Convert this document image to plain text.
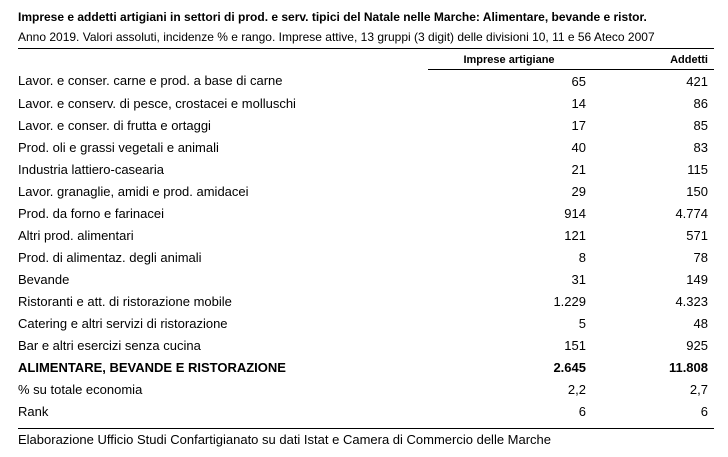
Imprese e addetti artigiani in settori di prod. e serv. tipici del Natale nelle Marche: Alimentare, bevande e ristor.
Anno 2019. Valori assoluti, incidenze % e rango. Imprese attive, 13 gruppi (3 digit) delle divisioni 10, 11 e 56 Ateco 2007
	Imprese artigiane	Addetti
Lavor. e conser. carne e prod. a base di carne	65	421
Lavor. e conserv. di pesce, crostacei e molluschi	14	86
Lavor. e conser. di frutta e ortaggi	17	85
Prod. oli e grassi vegetali e animali	40	83
Industria lattiero-casearia	21	115
Lavor. granaglie, amidi e prod. amidacei	29	150
Prod. da forno e farinacei	914	4.774
Altri prod. alimentari	121	571
Prod. di alimentaz. degli animali	8	78
Bevande	31	149
Ristoranti e att. di ristorazione mobile	1.229	4.323
Catering e altri servizi di ristorazione	5	48
Bar e altri esercizi senza cucina	151	925
ALIMENTARE, BEVANDE E RISTORAZIONE	2.645	11.808
% su totale economia	2,2	2,7
Rank	6	6
Elaborazione Ufficio Studi Confartigianato su dati Istat e Camera di Commercio delle Marche
